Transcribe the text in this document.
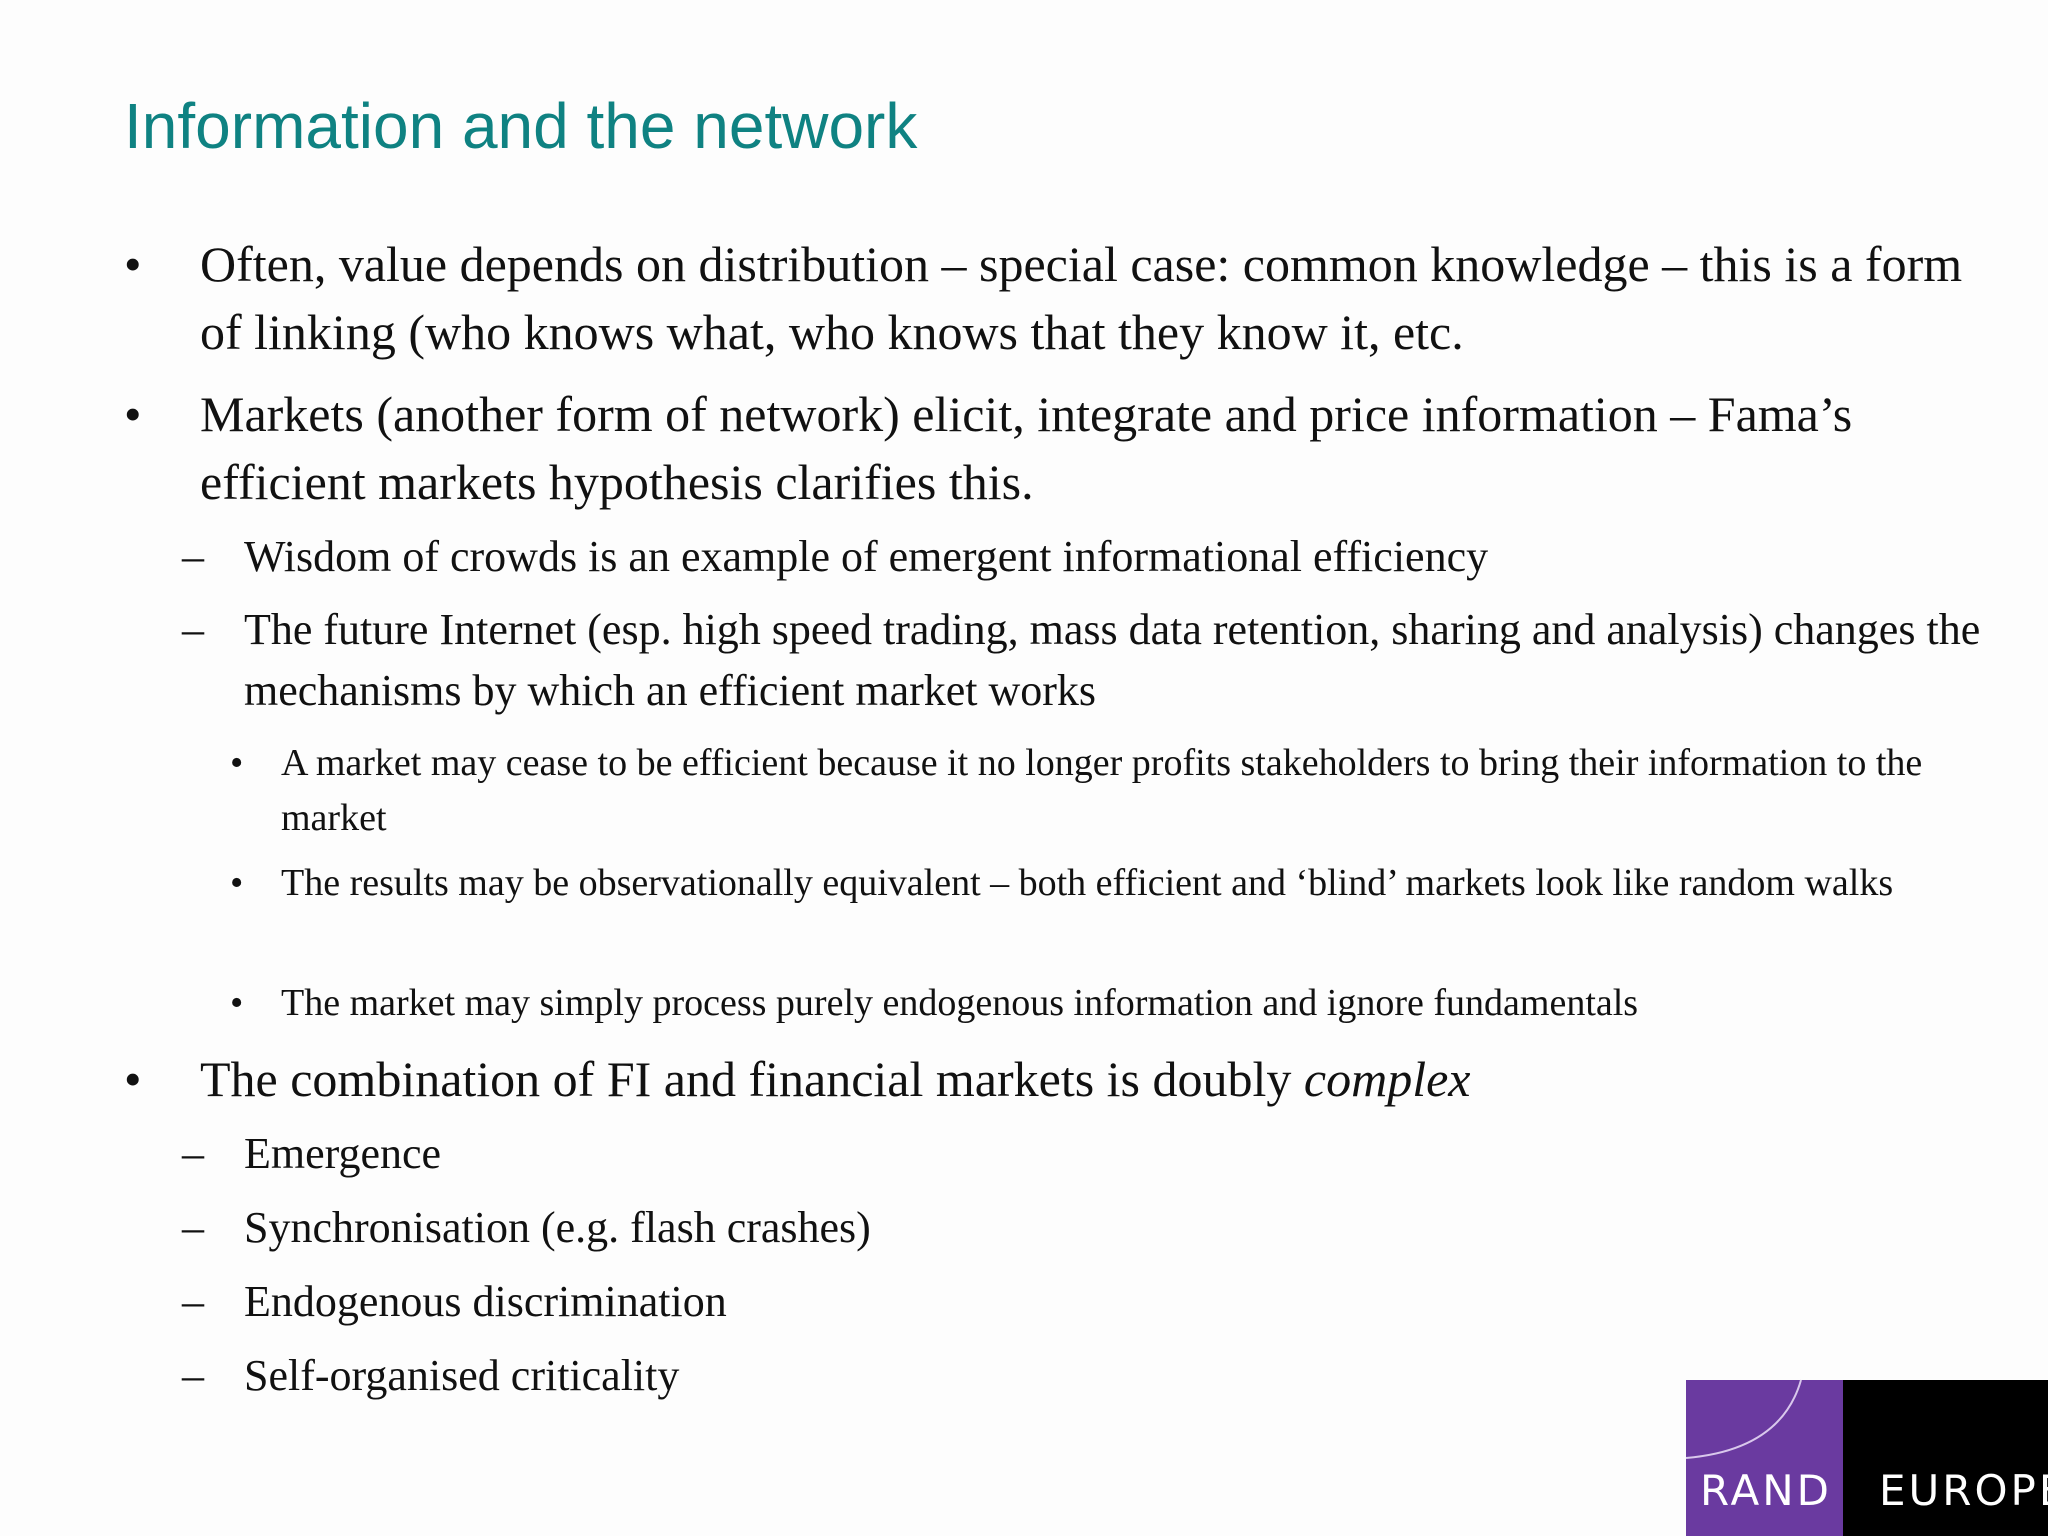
Information and the network
• Often, value depends on distribution – special case: common knowledge – this is a form of linking (who knows what, who knows that they know it, etc.

• Markets (another form of network) elicit, integrate and price information – Fama’s efficient markets hypothesis clarifies this.

– Wisdom of crowds is an example of emergent informational efficiency

– The future Internet (esp. high speed trading, mass data retention, sharing and analysis) changes the mechanisms by which an efficient market works

• A market may cease to be efficient because it no longer profits stakeholders to bring their information to the market

• The results may be observationally equivalent – both efficient and ‘blind’ markets look like random walks

• The market may simply process purely endogenous information and ignore fundamentals

• The combination of FI and financial markets is doubly complex

– Emergence

– Synchronisation (e.g. flash crashes)

– Endogenous discrimination

– Self-organised criticality

RAND EUROPE
